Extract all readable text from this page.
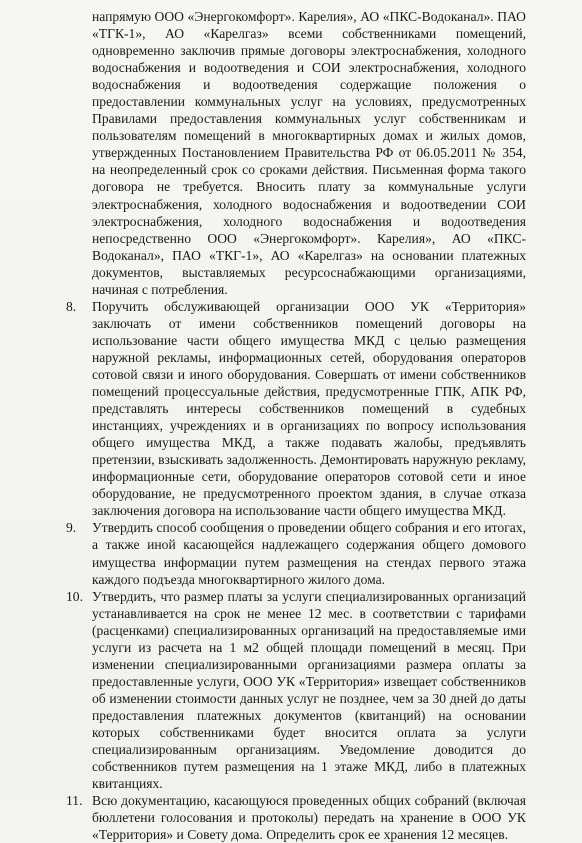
напрямую ООО «Энергокомфорт». Карелия», АО «ПКС-Водоканал». ПАО «ТГК-1», АО «Карелгаз» всеми собственниками помещений, одновременно заключив прямые договоры электроснабжения, холодного водоснабжения и водоотведения и СОИ электроснабжения, холодного водоснабжения и водоотведения содержащие положения о предоставлении коммунальных услуг на условиях, предусмотренных Правилами предоставления коммунальных услуг собственникам и пользователям помещений в многоквартирных домах и жилых домов, утвержденных Постановлением Правительства РФ от 06.05.2011 № 354, на неопределенный срок со сроками действия. Письменная форма такого договора не требуется. Вносить плату за коммунальные услуги электроснабжения, холодного водоснабжения и водоотведении СОИ электроснабжения, холодного водоснабжения и водоотведения непосредственно ООО «Энергокомфорт». Карелия», АО «ПКС-Водоканал», ПАО «ТКГ-1», АО «Карелгаз» на основании платежных документов, выставляемых ресурсоснабжающими организациями, начиная с потребления.

8. Поручить обслуживающей организации ООО УК «Территория» заключать от имени собственников помещений договоры на использование части общего имущества МКД с целью размещения наружной рекламы, информационных сетей, оборудования операторов сотовой связи и иного оборудования. Совершать от имени собственников помещений процессуальные действия, предусмотренные ГПК, АПК РФ, представлять интересы собственников помещений в судебных инстанциях, учреждениях и в организациях по вопросу использования общего имущества МКД, а также подавать жалобы, предъявлять претензии, взыскивать задолженность. Демонтировать наружную рекламу, информационные сети, оборудование операторов сотовой сети и иное оборудование, не предусмотренного проектом здания, в случае отказа заключения договора на использование части общего имущества МКД.

9. Утвердить способ сообщения о проведении общего собрания и его итогах, а также иной касающейся надлежащего содержания общего домового имущества информации путем размещения на стендах первого этажа каждого подъезда многоквартирного жилого дома.

10. Утвердить, что размер платы за услуги специализированных организаций устанавливается на срок не менее 12 мес. в соответствии с тарифами (расценками) специализированных организаций на предоставляемые ими услуги из расчета на 1 м2 общей площади помещений в месяц. При изменении специализированными организациями размера оплаты за предоставленные услуги, ООО УК «Территория» извещает собственников об изменении стоимости данных услуг не позднее, чем за 30 дней до даты предоставления платежных документов (квитанций) на основании которых собственниками будет вносится оплата за услуги специализированным организациям. Уведомление доводится до собственников путем размещения на 1 этаже МКД, либо в платежных квитанциях.

11. Всю документацию, касающуюся проведенных общих собраний (включая бюллетени голосования и протоколы) передать на хранение в ООО УК «Территория» и Совету дома. Определить срок ее хранения 12 месяцев.
